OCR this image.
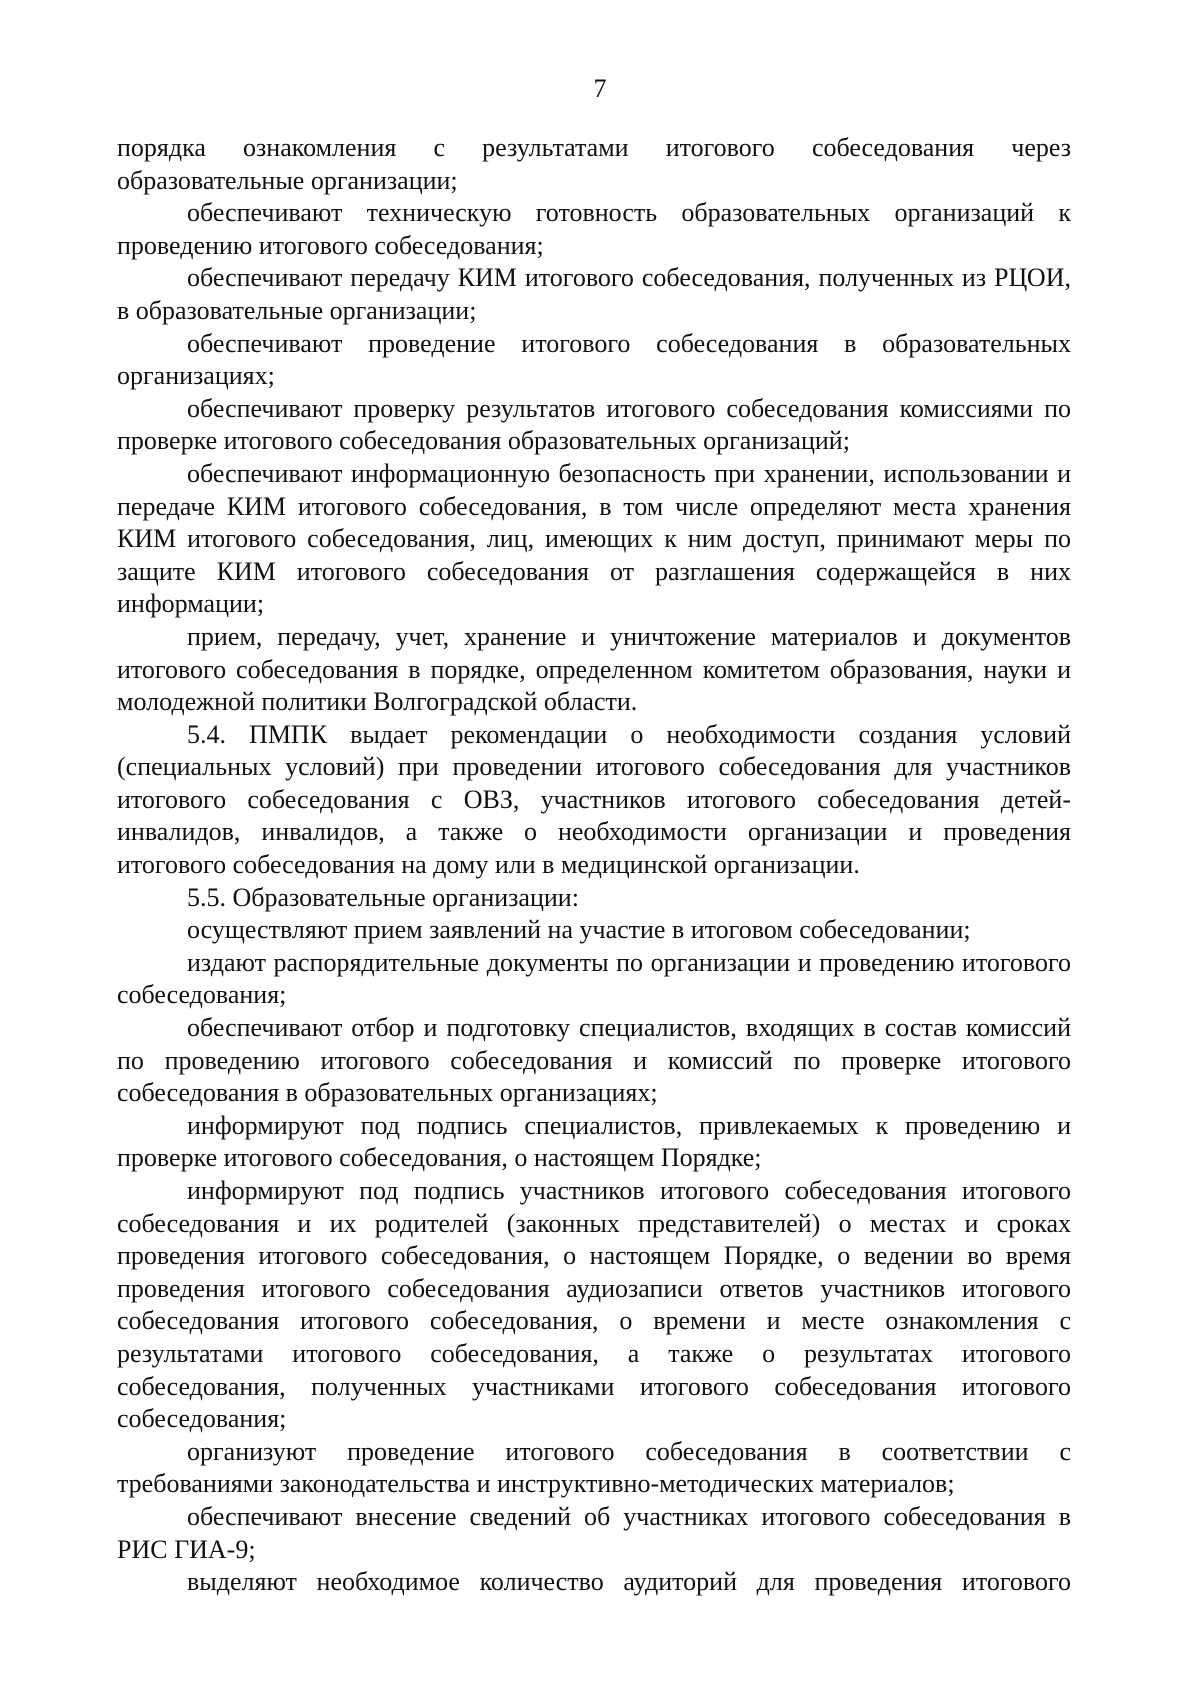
7

порядка ознакомления с результатами итогового собеседования через образовательные организации;

обеспечивают техническую готовность образовательных организаций к проведению итогового собеседования;

обеспечивают передачу КИМ итогового собеседования, полученных из РЦОИ, в образовательные организации;

обеспечивают проведение итогового собеседования в образовательных организациях;

обеспечивают проверку результатов итогового собеседования комиссиями по проверке итогового собеседования образовательных организаций;

обеспечивают информационную безопасность при хранении, использовании и передаче КИМ итогового собеседования, в том числе определяют места хранения КИМ итогового собеседования, лиц, имеющих к ним доступ, принимают меры по защите КИМ итогового собеседования от разглашения содержащейся в них информации;

прием, передачу, учет, хранение и уничтожение материалов и документов итогового собеседования в порядке, определенном комитетом образования, науки и молодежной политики Волгоградской области.

5.4. ПМПК выдает рекомендации о необходимости создания условий (специальных условий) при проведении итогового собеседования для участников итогового собеседования с ОВЗ, участников итогового собеседования детей-инвалидов, инвалидов, а также о необходимости организации и проведения итогового собеседования на дому или в медицинской организации.

5.5. Образовательные организации:

осуществляют прием заявлений на участие в итоговом собеседовании;

издают распорядительные документы по организации и проведению итогового собеседования;

обеспечивают отбор и подготовку специалистов, входящих в состав комиссий по проведению итогового собеседования и комиссий по проверке итогового собеседования в образовательных организациях;

информируют под подпись специалистов, привлекаемых к проведению и проверке итогового собеседования, о настоящем Порядке;

информируют под подпись участников итогового собеседования итогового собеседования и их родителей (законных представителей) о местах и сроках проведения итогового собеседования, о настоящем Порядке, о ведении во время проведения итогового собеседования аудиозаписи ответов участников итогового собеседования итогового собеседования, о времени и месте ознакомления с результатами итогового собеседования, а также о результатах итогового собеседования, полученных участниками итогового собеседования итогового собеседования;

организуют проведение итогового собеседования в соответствии с требованиями законодательства и инструктивно-методических материалов;

обеспечивают внесение сведений об участниках итогового собеседования в РИС ГИА-9;

выделяют необходимое количество аудиторий для проведения итогового
